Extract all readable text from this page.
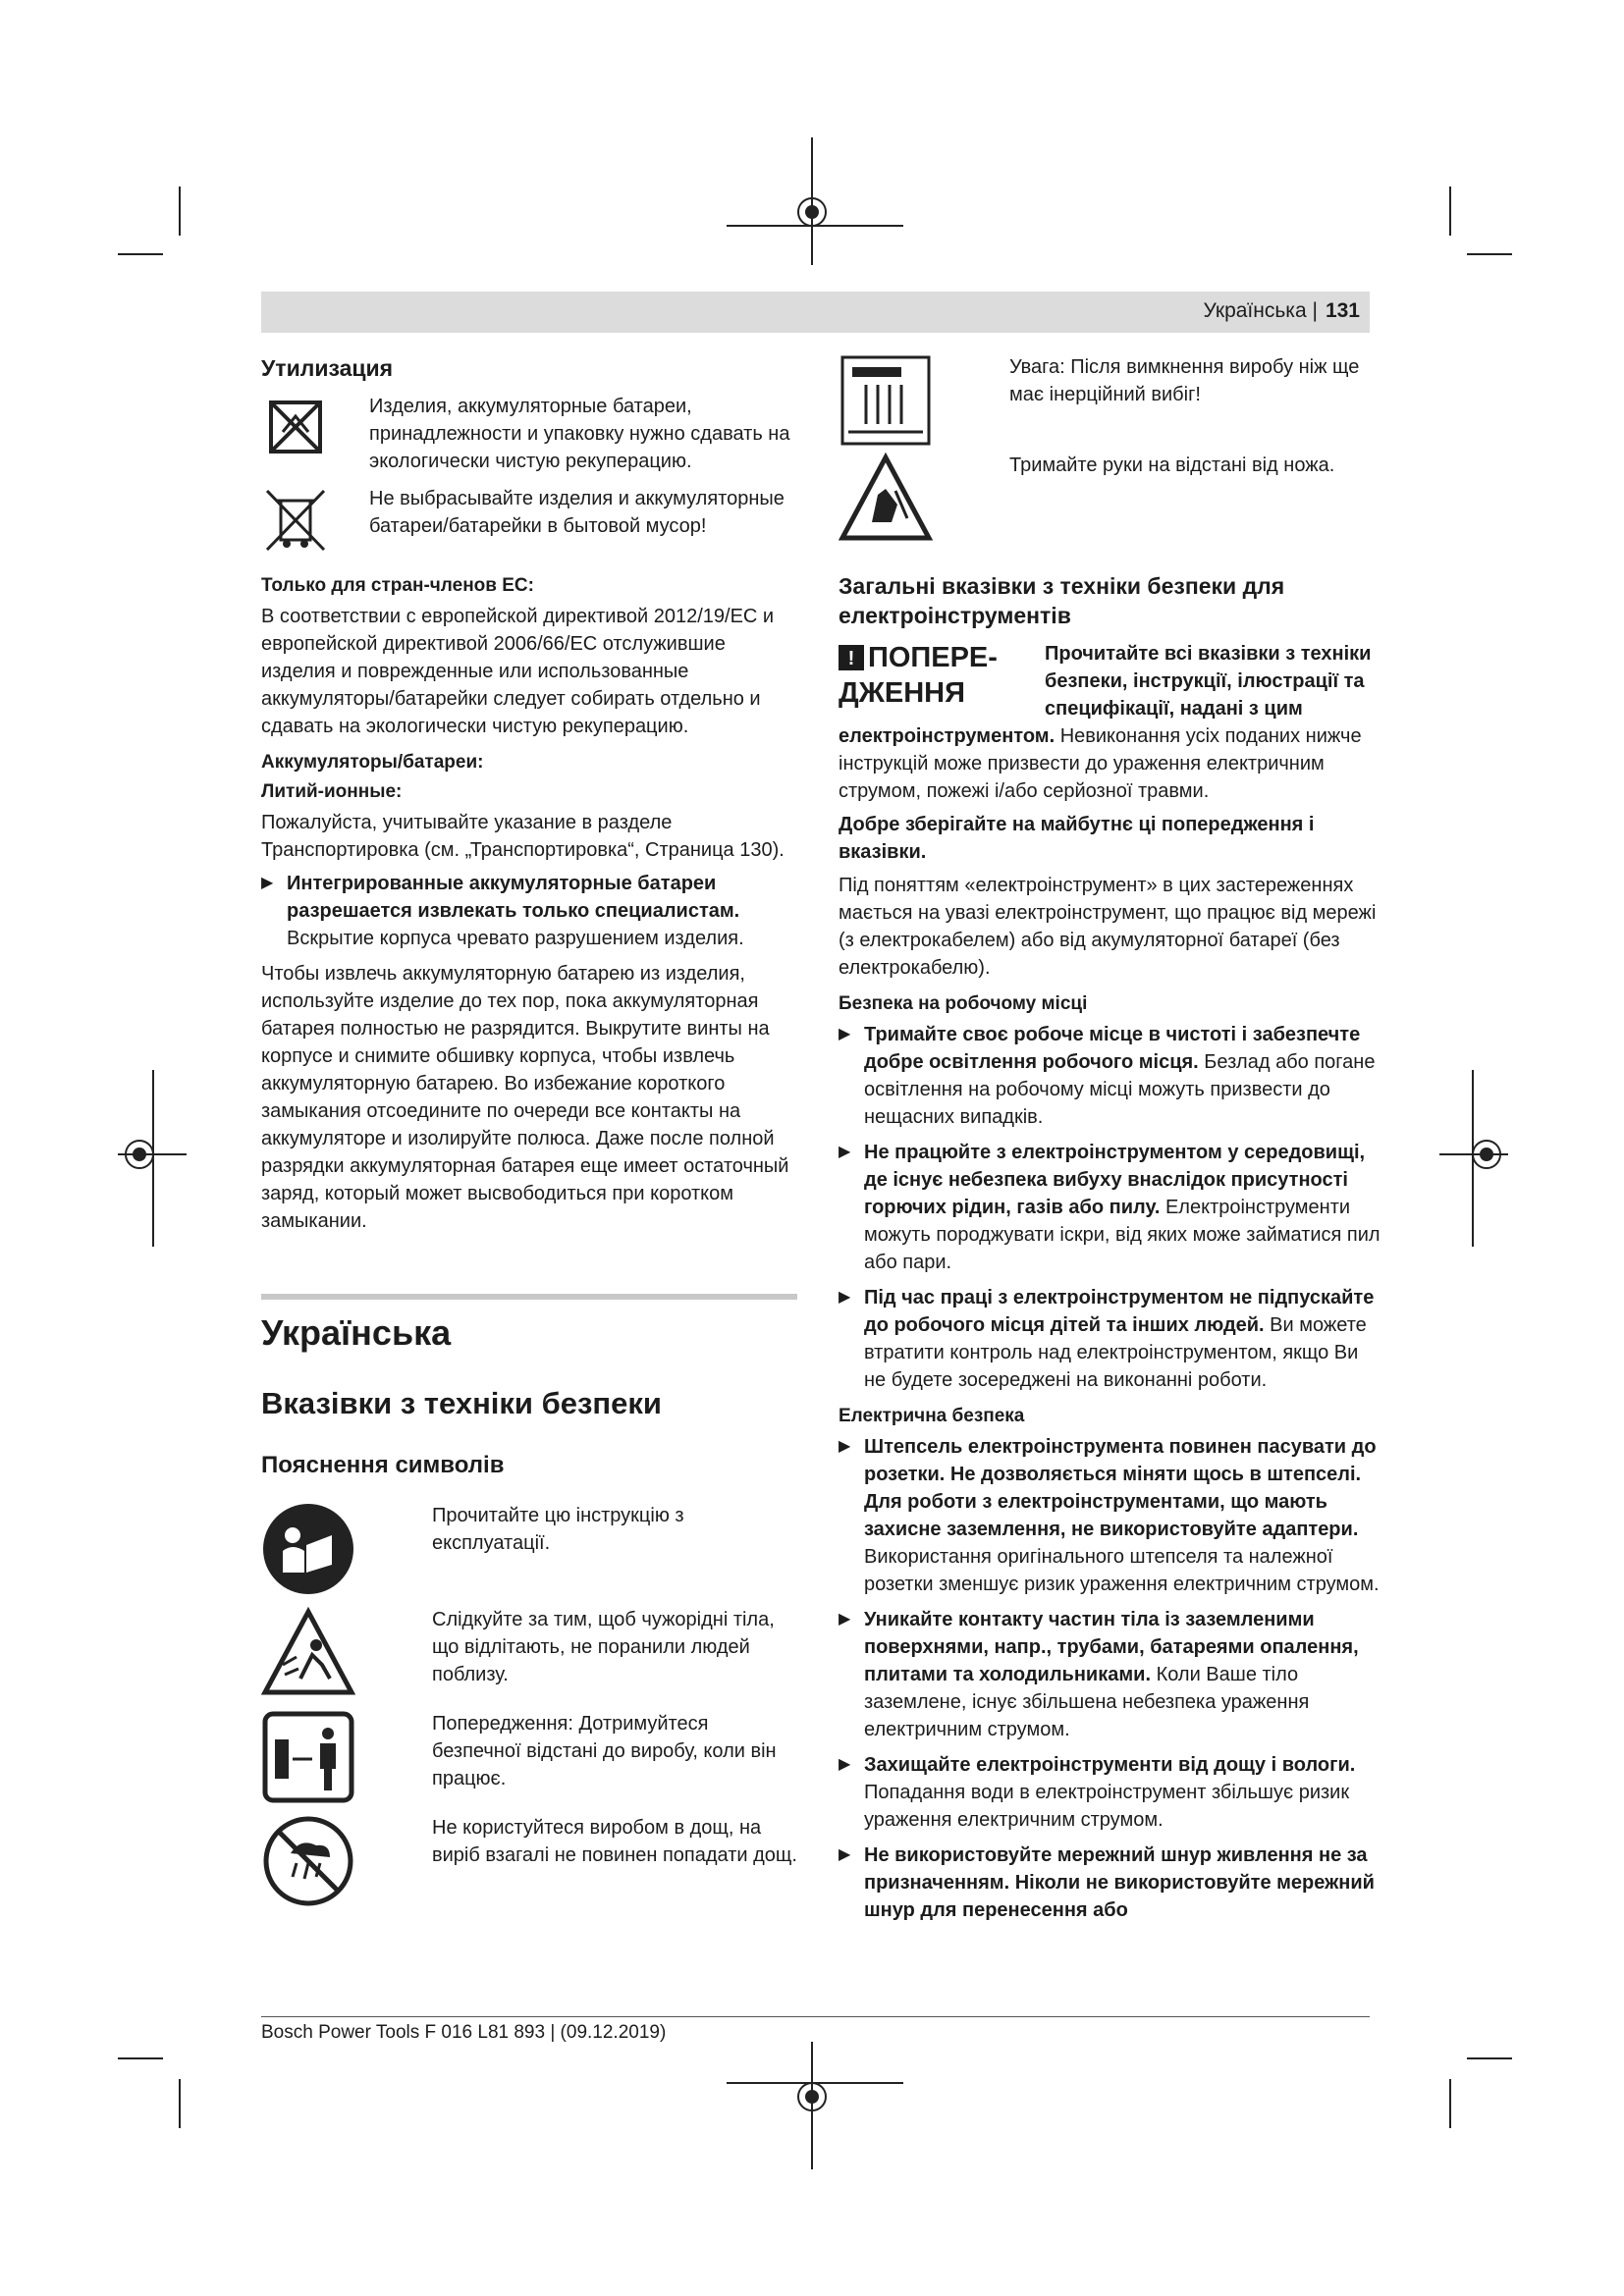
Українська | 131
Утилизация
Изделия, аккумуляторные батареи, принадлежности и упаковку нужно сдавать на экологически чистую рекуперацию.
Не выбрасывайте изделия и аккумуляторные батареи/батарейки в бытовой мусор!
Только для стран-членов ЕС:

В соответствии с европейской директивой 2012/19/ЕС и европейской директивой 2006/66/ЕС отслужившие изделия и поврежденные или использованные аккумуляторы/батарейки следует собирать отдельно и сдавать на экологически чистую рекуперацию.

Аккумуляторы/батареи:
Литий-ионные:

Пожалуйста, учитывайте указание в разделе Транспортировка (см. „Транспортировка“, Страница 130).

▶ Интегрированные аккумуляторные батареи разрешается извлекать только специалистам. Вскрытие корпуса чревато разрушением изделия.

Чтобы извлечь аккумуляторную батарею из изделия, используйте изделие до тех пор, пока аккумуляторная батарея полностью не разрядится. Выкрутите винты на корпусе и снимите обшивку корпуса, чтобы извлечь аккумуляторную батарею. Во избежание короткого замыкания отсоедините по очереди все контакты на аккумуляторе и изолируйте полюса. Даже после полной разрядки аккумуляторная батарея еще имеет остаточный заряд, который может высвободиться при коротком замыкании.

Українська
Вказівки з техніки безпеки
Пояснення символів
Прочитайте цю інструкцію з експлуатації.
Слідкуйте за тим, щоб чужорідні тіла, що відлітають, не поранили людей поблизу.
Попередження: Дотримуйтеся безпечної відстані до виробу, коли він працює.
Не користуйтеся виробом в дощ, на виріб взагалі не повинен попадати дощ.
Увага: Після вимкнення виробу ніж ще має інерційний вибіг!
Тримайте руки на відстані від ножа.
Загальні вказівки з техніки безпеки для електроінструментів
! ПОПЕРЕ-ДЖЕННЯ
Прочитайте всі вказівки з техніки безпеки, інструкції, ілюстрації та специфікації, надані з цим

електроінструментом. Невиконання усіх поданих нижче інструкцій може призвести до ураження електричним струмом, пожежі і/або серйозної травми.

Добре зберігайте на майбутнє ці попередження і вказівки.

Під поняттям «електроінструмент» в цих застереженнях мається на увазі електроінструмент, що працює від мережі (з електрокабелем) або від акумуляторної батареї (без електрокабелю).

Безпека на робочому місці
▶ Тримайте своє робоче місце в чистоті і забезпечте добре освітлення робочого місця. Безлад або погане освітлення на робочому місці можуть призвести до нещасних випадків.
▶ Не працюйте з електроінструментом у середовищі, де існує небезпека вибуху внаслідок присутності горючих рідин, газів або пилу. Електроінструменти можуть породжувати іскри, від яких може займатися пил або пари.
▶ Під час праці з електроінструментом не підпускайте до робочого місця дітей та інших людей. Ви можете втратити контроль над електроінструментом, якщо Ви не будете зосереджені на виконанні роботи.
Електрична безпека
▶ Штепсель електроінструмента повинен пасувати до розетки. Не дозволяється міняти щось в штепселі. Для роботи з електроінструментами, що мають захисне заземлення, не використовуйте адаптери. Використання оригінального штепселя та належної розетки зменшує ризик ураження електричним струмом.
▶ Уникайте контакту частин тіла із заземленими поверхнями, напр., трубами, батареями опалення, плитами та холодильниками. Коли Ваше тіло заземлене, існує збільшена небезпека ураження електричним струмом.
▶ Захищайте електроінструменти від дощу і вологи. Попадання води в електроінструмент збільшує ризик ураження електричним струмом.
▶ Не використовуйте мережний шнур живлення не за призначенням. Ніколи не використовуйте мережний шнур для перенесення або
Bosch Power Tools F 016 L81 893 | (09.12.2019)
